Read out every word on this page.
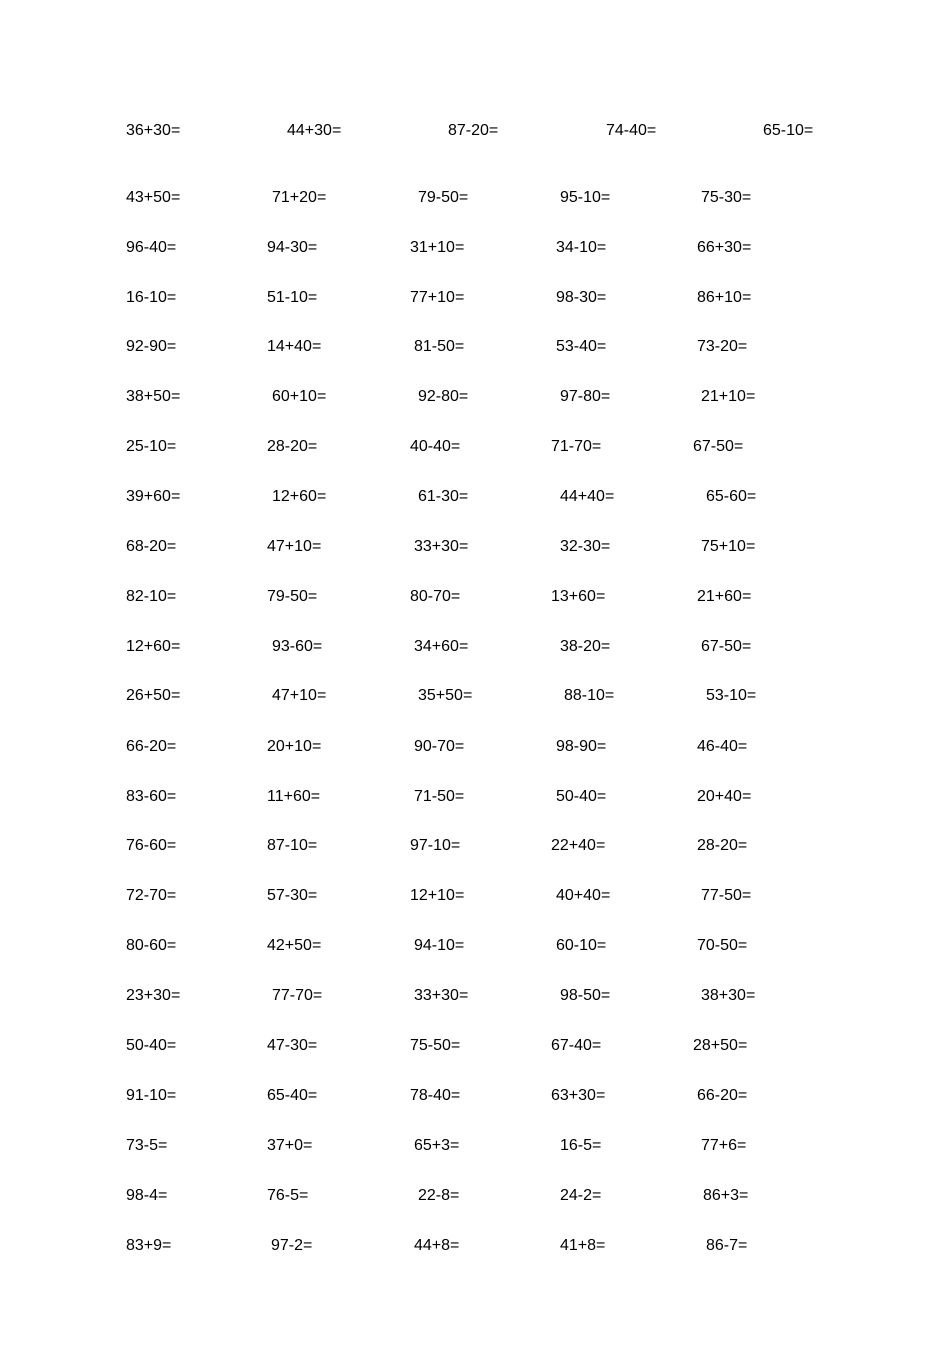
36+30=	44+30=	87-20=	74-40=	65-10=
43+50=	71+20=	79-50=	95-10=	75-30=
96-40=	94-30=	31+10=	34-10=	66+30=
16-10=	51-10=	77+10=	98-30=	86+10=
92-90=	14+40=	81-50=	53-40=	73-20=
38+50=	60+10=	92-80=	97-80=	21+10=
25-10=	28-20=	40-40=	71-70=	67-50=
39+60=	12+60=	61-30=	44+40=	65-60=
68-20=	47+10=	33+30=	32-30=	75+10=
82-10=	79-50=	80-70=	13+60=	21+60=
12+60=	93-60=	34+60=	38-20=	67-50=
26+50=	47+10=	35+50=	88-10=	53-10=
66-20=	20+10=	90-70=	98-90=	46-40=
83-60=	11+60=	71-50=	50-40=	20+40=
76-60=	87-10=	97-10=	22+40=	28-20=
72-70=	57-30=	12+10=	40+40=	77-50=
80-60=	42+50=	94-10=	60-10=	70-50=
23+30=	77-70=	33+30=	98-50=	38+30=
50-40=	47-30=	75-50=	67-40=	28+50=
91-10=	65-40=	78-40=	63+30=	66-20=
73-5=	37+0=	65+3=	16-5=	77+6=
98-4=	76-5=	22-8=	24-2=	86+3=
83+9=	97-2=	44+8=	41+8=	86-7=
